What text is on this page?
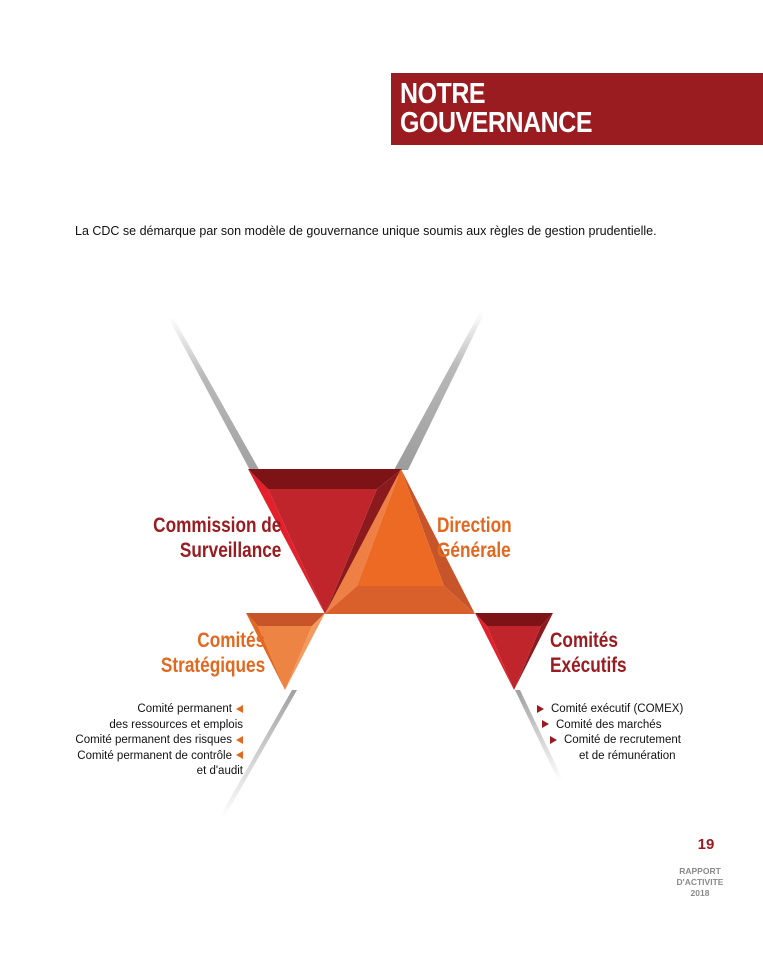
NOTRE
GOUVERNANCE
La CDC se démarque par son modèle de gouvernance unique soumis aux règles de gestion prudentielle.
Commission de
Surveillance
Direction
Générale
Comités
Stratégiques
Comités
Exécutifs
Comité permanent
des ressources et emplois
Comité permanent des risques
Comité permanent de contrôle
et d'audit
Comité exécutif (COMEX)
Comité des marchés
Comité de recrutement
et de rémunération
19
RAPPORT
D'ACTIVITE
2018
